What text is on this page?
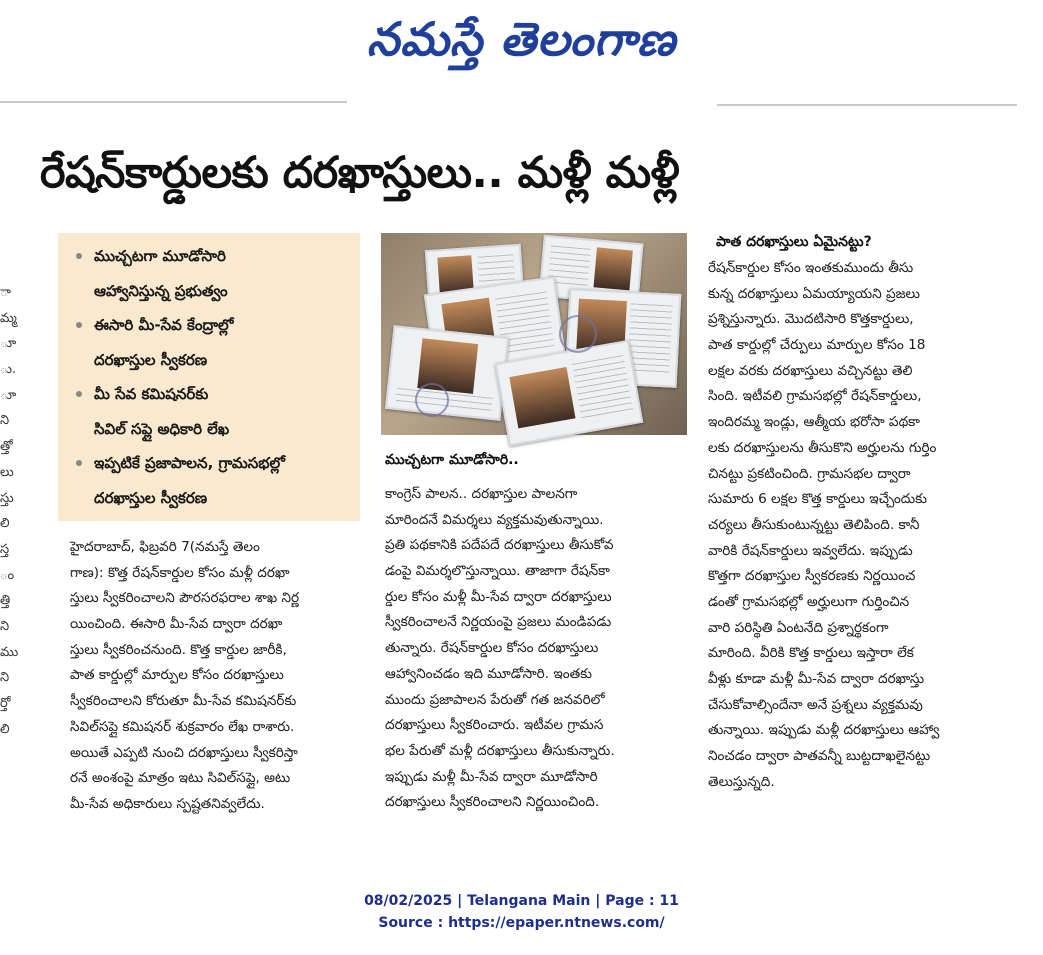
నమస్తే తెలంగాణ
రేషన్‌కార్డులకు దరఖాస్తులు.. మళ్లీ మళ్లీ
ా
మ్మ
ూ
ు.
ూ
ని
త్తో
లు
స్తు
లి
స్త
ం
త్తి
ని
ము
ని
ర్తో
లి
ముచ్చటగా మూడోసారి
ఆహ్వానిస్తున్న ప్రభుత్వం
ఈసారి మీ-సేవ కేంద్రాల్లో
దరఖాస్తుల స్వీకరణ
మీ సేవ కమిషనర్‌కు
సివిల్ సప్లై అధికారి లేఖ
ఇప్పటికే ప్రజాపాలన, గ్రామసభల్లో
దరఖాస్తుల స్వీకరణ
ముచ్చటగా మూడోసారి..
పాత దరఖాస్తులు ఏమైనట్టు?
హైదరాబాద్, ఫిబ్రవరి 7(నమస్తే తెలం
గాణ): కొత్త రేషన్‌కార్డుల కోసం మళ్లీ దరఖా
స్తులు స్వీకరించాలని పౌరసరఫరాల శాఖ నిర్ణ
యించింది. ఈసారి మీ-సేవ ద్వారా దరఖా
స్తులు స్వీకరించనుంది. కొత్త కార్డుల జారీకి,
పాత కార్డుల్లో మార్పుల కోసం దరఖాస్తులు
స్వీకరించాలని కోరుతూ మీ-సేవ కమిషనర్‌కు
సివిల్‌సప్లై కమిషనర్ శుక్రవారం లేఖ రాశారు.
అయితే ఎప్పటి నుంచి దరఖాస్తులు స్వీకరిస్తా
రనే అంశంపై మాత్రం ఇటు సివిల్‌సప్లై, అటు
మీ-సేవ అధికారులు స్పష్టతనివ్వలేదు.
కాంగ్రెస్ పాలన.. దరఖాస్తుల పాలనగా
మారిందనే విమర్శలు వ్యక్తమవుతున్నాయి.
ప్రతి పథకానికి పదేపదే దరఖాస్తులు తీసుకోవ
డంపై విమర్శలొస్తున్నాయి. తాజాగా రేషన్‌కా
ర్డుల కోసం మళ్లీ మీ-సేవ ద్వారా దరఖాస్తులు
స్వీకరించాలనే నిర్ణయంపై ప్రజలు మండిపడు
తున్నారు. రేషన్‌కార్డుల కోసం దరఖాస్తులు
ఆహ్వానించడం ఇది మూడోసారి. ఇంతకు
ముందు ప్రజాపాలన పేరుతో గత జనవరిలో
దరఖాస్తులు స్వీకరించారు. ఇటీవల గ్రామస
భల పేరుతో మళ్లీ దరఖాస్తులు తీసుకున్నారు.
ఇప్పుడు మళ్లీ మీ-సేవ ద్వారా మూడోసారి
దరఖాస్తులు స్వీకరించాలని నిర్ణయించింది.
రేషన్‌కార్డుల కోసం ఇంతకుముందు తీసు
కున్న దరఖాస్తులు ఏమయ్యాయని ప్రజలు
ప్రశ్నిస్తున్నారు. మొదటిసారి కొత్తకార్డులు,
పాత కార్డుల్లో చేర్పులు మార్పుల కోసం 18
లక్షల వరకు దరఖాస్తులు వచ్చినట్టు తెలి
సింది. ఇటీవలి గ్రామసభల్లో రేషన్‌కార్డులు,
ఇందిరమ్మ ఇండ్లు, ఆత్మీయ భరోసా పథకా
లకు దరఖాస్తులను తీసుకొని అర్హులను గుర్తిం
చినట్టు ప్రకటించింది. గ్రామసభల ద్వారా
సుమారు 6 లక్షల కొత్త కార్డులు ఇచ్చేందుకు
చర్యలు తీసుకుంటున్నట్టు తెలిపింది. కానీ
వారికి రేషన్‌కార్డులు ఇవ్వలేదు. ఇప్పుడు
కొత్తగా దరఖాస్తుల స్వీకరణకు నిర్ణయించ
డంతో గ్రామసభల్లో అర్హులుగా గుర్తించిన
వారి పరిస్థితి ఏంటనేది ప్రశ్నార్థకంగా
మారింది. వీరికి కొత్త కార్డులు ఇస్తారా లేక
వీళ్లు కూడా మళ్లీ మీ-సేవ ద్వారా దరఖాస్తు
చేసుకోవాల్సిందేనా అనే ప్రశ్నలు వ్యక్తమవు
తున్నాయి. ఇప్పుడు మళ్లీ దరఖాస్తులు ఆహ్వా
నించడం ద్వారా పాతవన్నీ బుట్టదాఖలైనట్టు
తెలుస్తున్నది.
08/02/2025 | Telangana Main | Page : 11
Source : https://epaper.ntnews.com/
